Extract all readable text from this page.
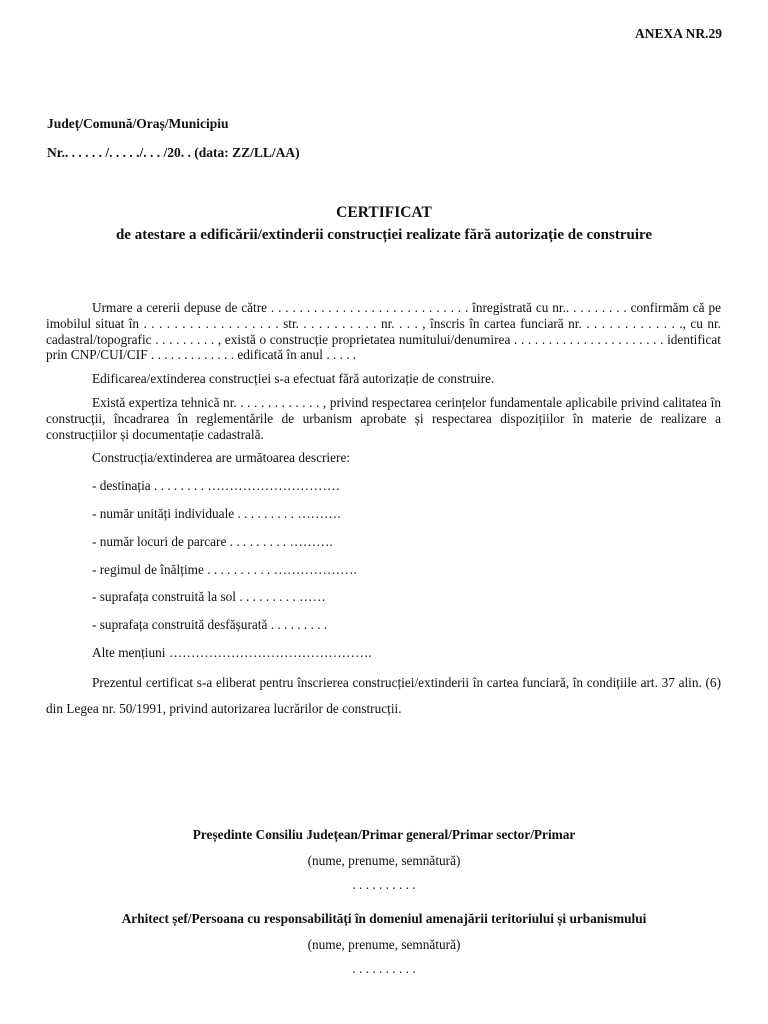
ANEXA NR.29
Județ/Comună/Oraș/Municipiu
Nr.. . . . . . /. . . . ./. . . /20. . (data: ZZ/LL/AA)
CERTIFICAT
de atestare a edificării/extinderii construcției realizate fără autorizație de construire

Urmare a cererii depuse de către . . . . . . . . . . . . . . . . . . . . . . . . . . . . înregistrată cu nr.. . . . . . . . . confirmăm că pe imobilul situat în . . . . . . . . . . . . . . . . . . str. . . . . . . . . . . nr. . . . , înscris în cartea funciară nr. . . . . . . . . . . . . ., cu nr. cadastral/topografic . . . . . . . . . , există o construcție proprietatea numitului/denumirea . . . . . . . . . . . . . . . . . . . . . . identificat prin CNP/CUI/CIF . . . . . . . . . . . . . edificată în anul . . . . .

Edificarea/extinderea construcției s-a efectuat fără autorizație de construire.

Există expertiza tehnică nr. . . . . . . . . . . . . , privind respectarea cerințelor fundamentale aplicabile privind calitatea în construcții, încadrarea în reglementările de urbanism aprobate și respectarea dispozițiilor în materie de realizare a construcțiilor și documentație cadastrală.

Construcția/extinderea are următoarea descriere:

- destinația . . . . . . . . …………………………

- număr unități individuale . . . . . . . . . ……….

- număr locuri de parcare . . . . . . . . . ……….

- regimul de înălțime . . . . . . . . . . ……………….

- suprafața construită la sol . . . . . . . . . ……

- suprafața construită desfășurată . . . . . . . . .

Alte mențiuni ……………………………………….

Prezentul certificat s-a eliberat pentru înscrierea construcției/extinderii în cartea funciară, în condițiile art. 37 alin. (6) din Legea nr. 50/1991, privind autorizarea lucrărilor de construcții.

Președinte Consiliu Județean/Primar general/Primar sector/Primar
(nume, prenume, semnătură)
. . . . . . . . . .
Arhitect șef/Persoana cu responsabilități în domeniul amenajării teritoriului și urbanismului
(nume, prenume, semnătură)
. . . . . . . . . .
